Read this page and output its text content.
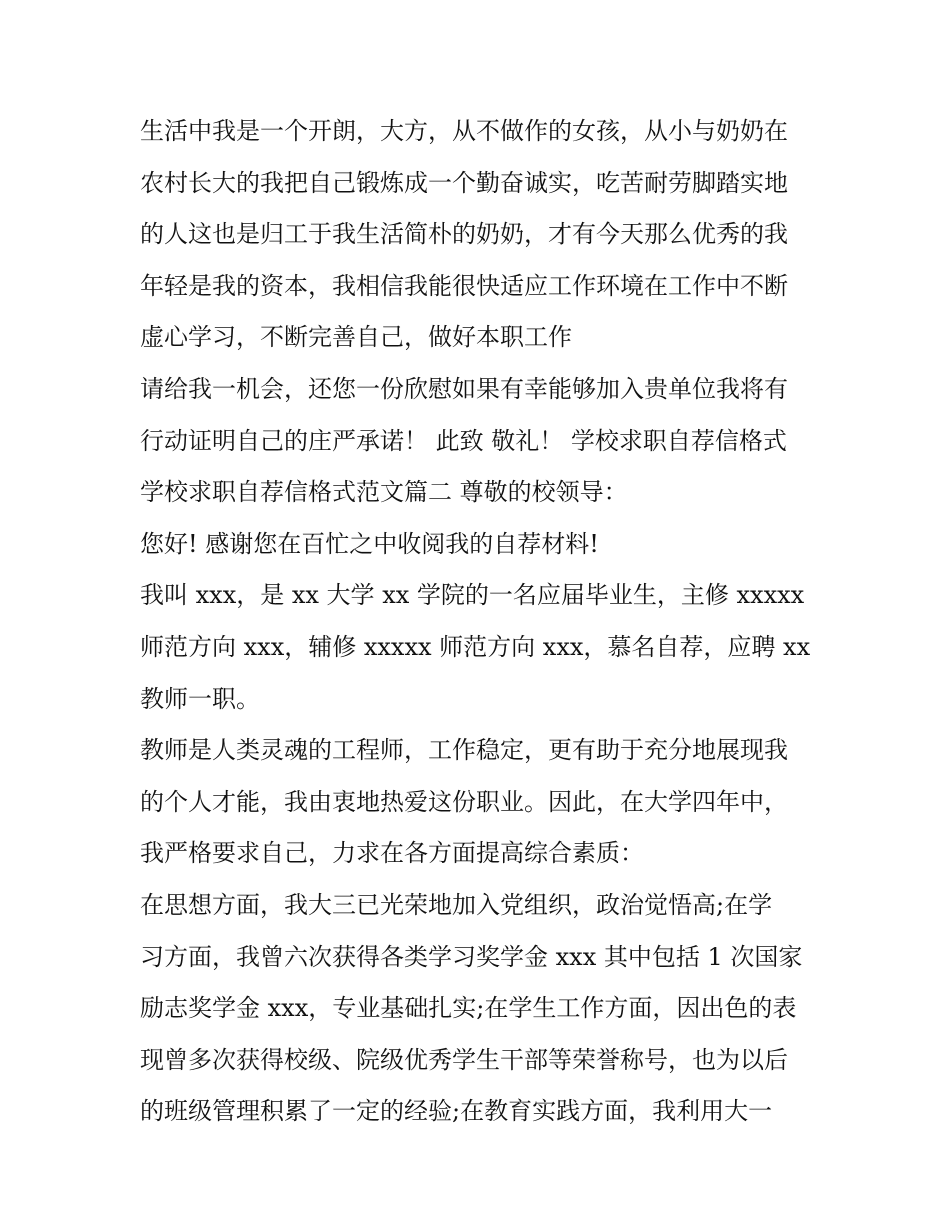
生活中我是一个开朗，大方，从不做作的女孩，从小与奶奶在
农村长大的我把自己锻炼成一个勤奋诚实，吃苦耐劳脚踏实地
的人这也是归工于我生活简朴的奶奶，才有今天那么优秀的我
年轻是我的资本，我相信我能很快适应工作环境在工作中不断
虚心学习，不断完善自己，做好本职工作
请给我一机会，还您一份欣慰如果有幸能够加入贵单位我将有
行动证明自己的庄严承诺！ 此致 敬礼！ 学校求职自荐信格式
学校求职自荐信格式范文篇二 尊敬的校领导：
您好! 感谢您在百忙之中收阅我的自荐材料!
我叫 xxx，是 xx 大学 xx 学院的一名应届毕业生，主修 xxxxx
师范方向 xxx，辅修 xxxxx 师范方向 xxx，慕名自荐，应聘 xx
教师一职。
教师是人类灵魂的工程师，工作稳定，更有助于充分地展现我
的个人才能，我由衷地热爱这份职业。因此，在大学四年中，
我严格要求自己，力求在各方面提高综合素质：
在思想方面，我大三已光荣地加入党组织，政治觉悟高;在学
习方面，我曾六次获得各类学习奖学金 xxx 其中包括 1 次国家
励志奖学金 xxx，专业基础扎实;在学生工作方面，因出色的表
现曾多次获得校级、院级优秀学生干部等荣誉称号，也为以后
的班级管理积累了一定的经验;在教育实践方面，我利用大一
